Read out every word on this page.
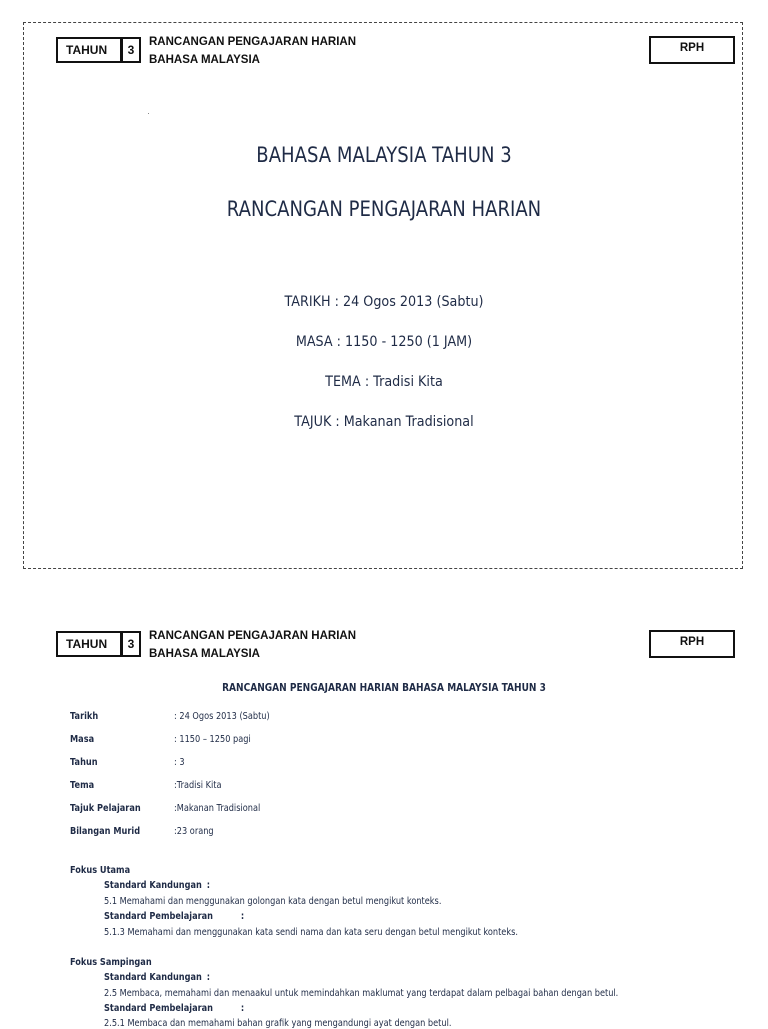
TAHUN	3
RANCANGAN PENGAJARAN HARIAN
BAHASA MALAYSIA
RPH
BAHASA MALAYSIA TAHUN 3
RANCANGAN PENGAJARAN HARIAN
TARIKH : 24 Ogos 2013 (Sabtu)
MASA : 1150 - 1250 (1 JAM)
TEMA : Tradisi Kita
TAJUK : Makanan Tradisional
TAHUN	3
RANCANGAN PENGAJARAN HARIAN
BAHASA MALAYSIA
RPH
RANCANGAN PENGAJARAN HARIAN BAHASA MALAYSIA TAHUN 3
Tarikh	: 24 Ogos 2013 (Sabtu)
Masa	: 1150 – 1250 pagi
Tahun	: 3
Tema	:Tradisi Kita
Tajuk Pelajaran	:Makanan Tradisional
Bilangan Murid	:23 orang
Fokus Utama
Standard Kandungan :
5.1 Memahami dan menggunakan golongan kata dengan betul mengikut konteks.
Standard Pembelajaran	:
5.1.3 Memahami dan menggunakan kata sendi nama dan kata seru dengan betul mengikut konteks.
Fokus Sampingan
Standard Kandungan :
2.5 Membaca, memahami dan menaakul untuk memindahkan maklumat yang terdapat dalam pelbagai bahan dengan betul.
Standard Pembelajaran	:
2.5.1 Membaca dan memahami bahan grafik yang mengandungi ayat dengan betul.
